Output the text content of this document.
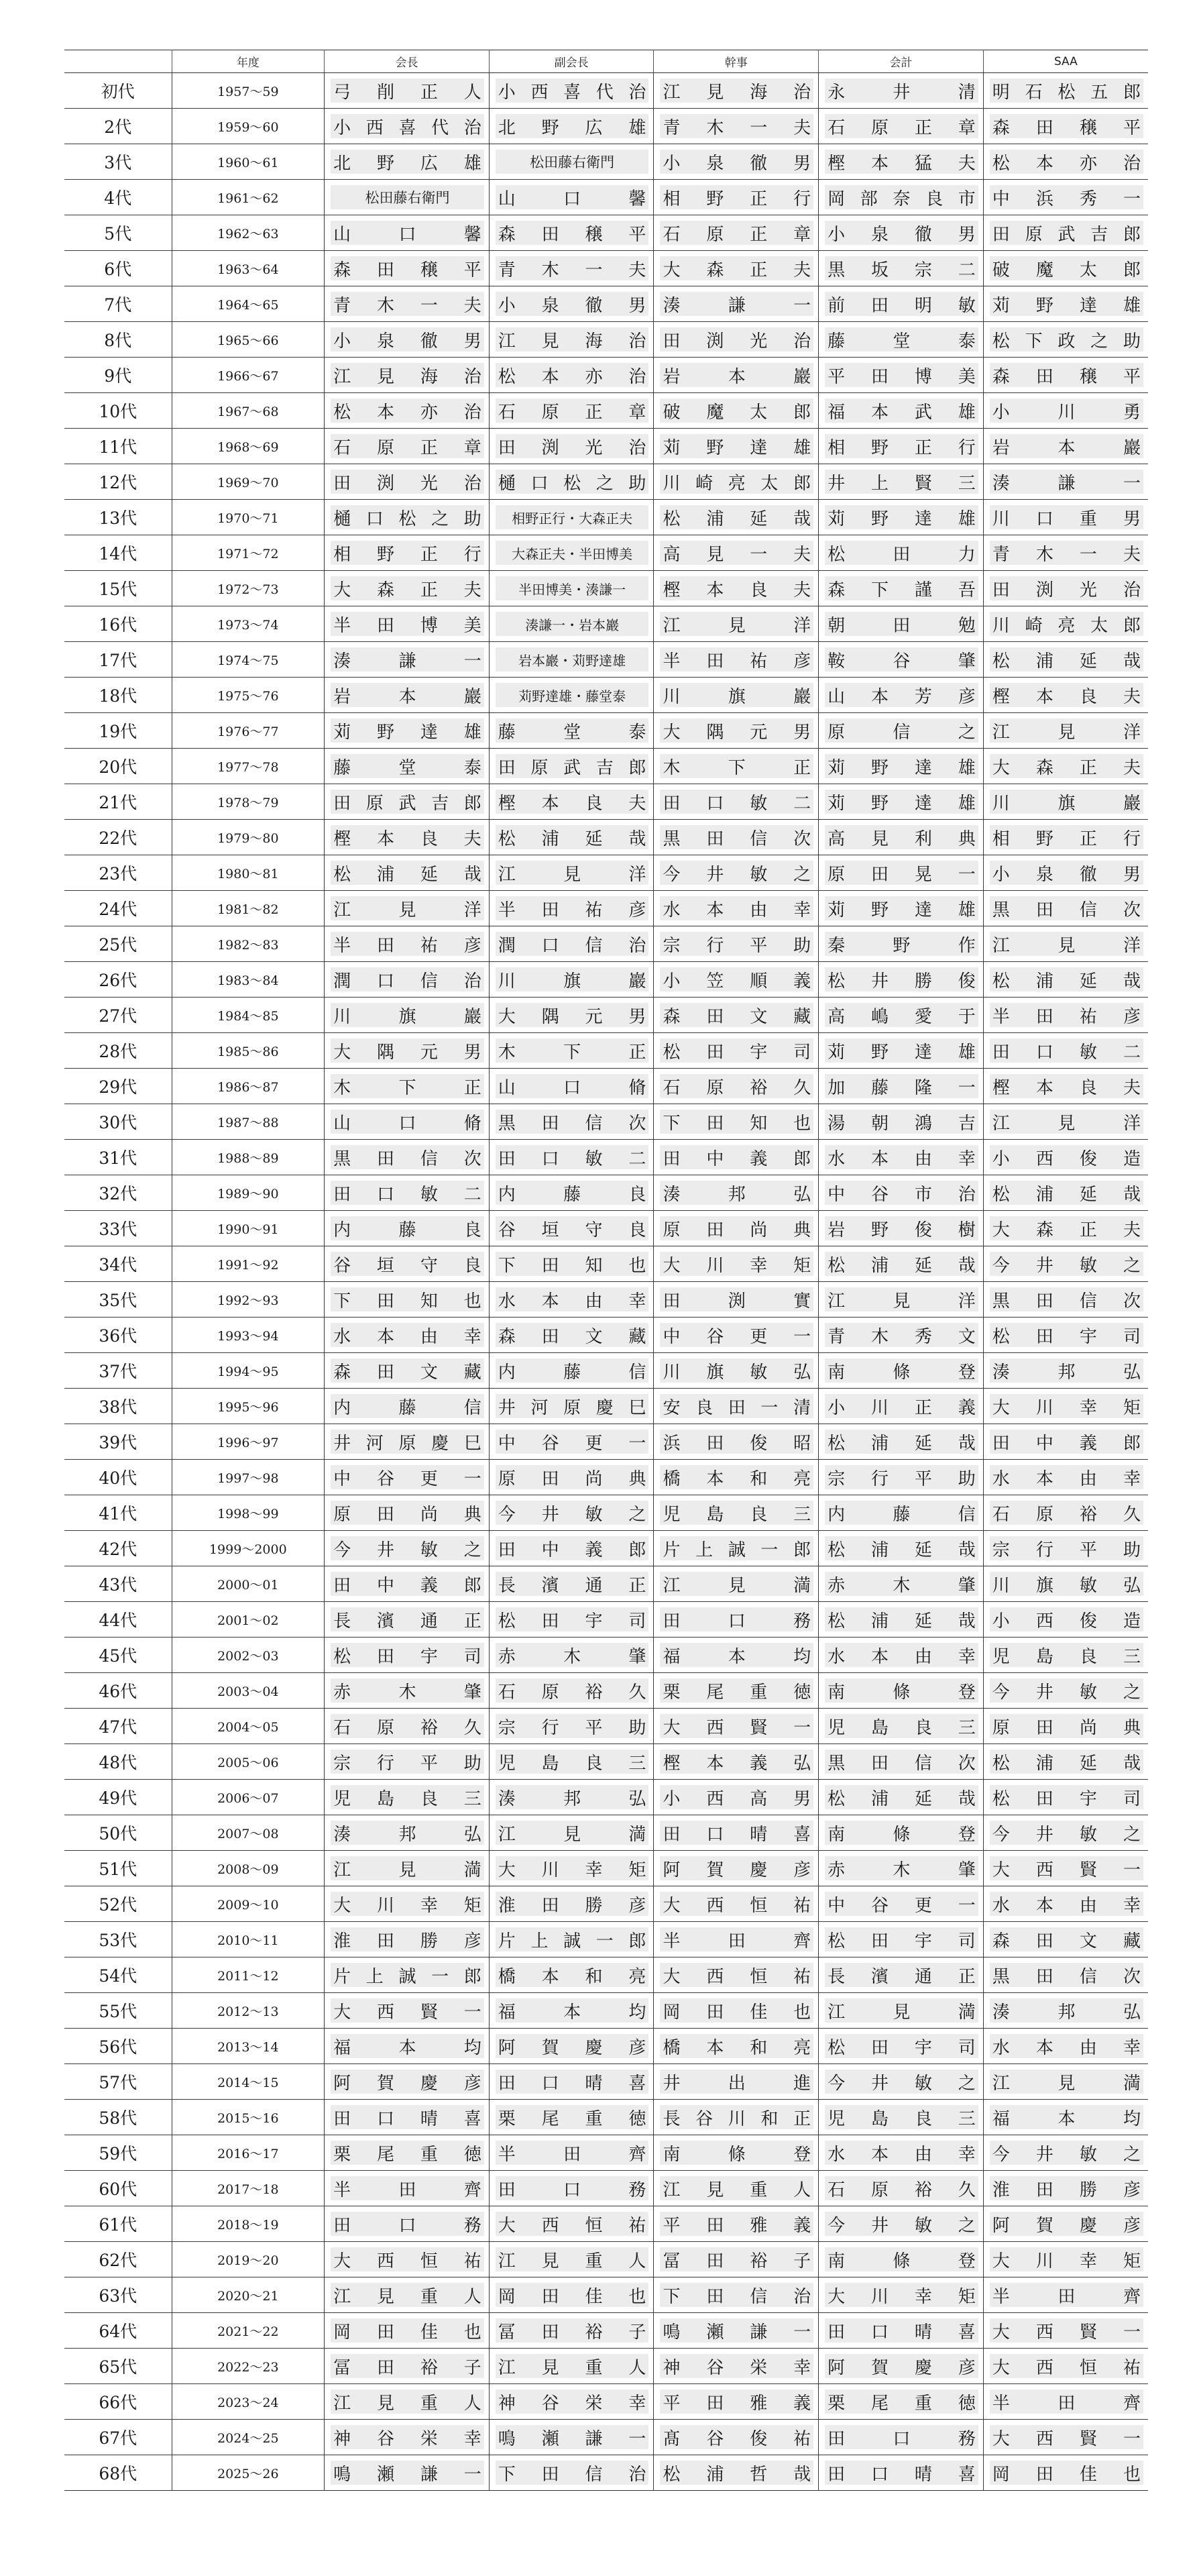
	年度	会長	副会長	幹事	会計	SAA
初代	1957～59	弓 削 正 人	小 西 喜 代 治	江 見 海 治	永 井 清	明 石 松 五 郎

2代	1959～60	小 西 喜 代 治	北 野 広 雄	青 木 一 夫	石 原 正 章	森 田 穣 平

3代	1960～61	北 野 広 雄	松田藤右衛門	小 泉 徹 男	樫 本 猛 夫	松 本 亦 治

4代	1961～62	松田藤右衛門	山 口 馨	相 野 正 行	岡 部 奈 良 市	中 浜 秀 一

5代	1962～63	山 口 馨	森 田 穣 平	石 原 正 章	小 泉 徹 男	田 原 武 吉 郎

6代	1963～64	森 田 穣 平	青 木 一 夫	大 森 正 夫	黒 坂 宗 二	破 魔 太 郎

7代	1964～65	青 木 一 夫	小 泉 徹 男	湊 謙 一	前 田 明 敏	苅 野 達 雄

8代	1965～66	小 泉 徹 男	江 見 海 治	田 渕 光 治	藤 堂 泰	松 下 政 之 助

9代	1966～67	江 見 海 治	松 本 亦 治	岩 本 巖	平 田 博 美	森 田 穣 平

10代	1967～68	松 本 亦 治	石 原 正 章	破 魔 太 郎	福 本 武 雄	小 川 勇

11代	1968～69	石 原 正 章	田 渕 光 治	苅 野 達 雄	相 野 正 行	岩 本 巖

12代	1969～70	田 渕 光 治	樋 口 松 之 助	川 崎 亮 太 郎	井 上 賢 三	湊 謙 一

13代	1970～71	樋 口 松 之 助	相野正行・大森正夫	松 浦 延 哉	苅 野 達 雄	川 口 重 男

14代	1971～72	相 野 正 行	大森正夫・半田博美	高 見 一 夫	松 田 力	青 木 一 夫

15代	1972～73	大 森 正 夫	半田博美・湊謙一	樫 本 良 夫	森 下 謹 吾	田 渕 光 治

16代	1973～74	半 田 博 美	湊謙一・岩本巖	江 見 洋	朝 田 勉	川 崎 亮 太 郎

17代	1974～75	湊 謙 一	岩本巖・苅野達雄	半 田 祐 彦	鞍 谷 肇	松 浦 延 哉

18代	1975～76	岩 本 巖	苅野達雄・藤堂泰	川 旗 巖	山 本 芳 彦	樫 本 良 夫

19代	1976～77	苅 野 達 雄	藤 堂 泰	大 隅 元 男	原 信 之	江 見 洋

20代	1977～78	藤 堂 泰	田 原 武 吉 郎	木 下 正	苅 野 達 雄	大 森 正 夫

21代	1978～79	田 原 武 吉 郎	樫 本 良 夫	田 口 敏 二	苅 野 達 雄	川 旗 巖

22代	1979～80	樫 本 良 夫	松 浦 延 哉	黒 田 信 次	高 見 利 典	相 野 正 行

23代	1980～81	松 浦 延 哉	江 見 洋	今 井 敏 之	原 田 晃 一	小 泉 徹 男

24代	1981～82	江 見 洋	半 田 祐 彦	水 本 由 幸	苅 野 達 雄	黒 田 信 次

25代	1982～83	半 田 祐 彦	潤 口 信 治	宗 行 平 助	秦 野 作	江 見 洋

26代	1983～84	潤 口 信 治	川 旗 巖	小 笠 順 義	松 井 勝 俊	松 浦 延 哉

27代	1984～85	川 旗 巖	大 隅 元 男	森 田 文 藏	高 嶋 愛 于	半 田 祐 彦

28代	1985～86	大 隅 元 男	木 下 正	松 田 宇 司	苅 野 達 雄	田 口 敏 二

29代	1986～87	木 下 正	山 口 脩	石 原 裕 久	加 藤 隆 一	樫 本 良 夫

30代	1987～88	山 口 脩	黒 田 信 次	下 田 知 也	湯 朝 鴻 吉	江 見 洋

31代	1988～89	黒 田 信 次	田 口 敏 二	田 中 義 郎	水 本 由 幸	小 西 俊 造

32代	1989～90	田 口 敏 二	内 藤 良	湊 邦 弘	中 谷 市 治	松 浦 延 哉

33代	1990～91	内 藤 良	谷 垣 守 良	原 田 尚 典	岩 野 俊 樹	大 森 正 夫

34代	1991～92	谷 垣 守 良	下 田 知 也	大 川 幸 矩	松 浦 延 哉	今 井 敏 之

35代	1992～93	下 田 知 也	水 本 由 幸	田 渕 實	江 見 洋	黒 田 信 次

36代	1993～94	水 本 由 幸	森 田 文 藏	中 谷 更 一	青 木 秀 文	松 田 宇 司

37代	1994～95	森 田 文 藏	内 藤 信	川 旗 敏 弘	南 條 登	湊 邦 弘

38代	1995～96	内 藤 信	井 河 原 慶 巳	安 良 田 一 清	小 川 正 義	大 川 幸 矩

39代	1996～97	井 河 原 慶 巳	中 谷 更 一	浜 田 俊 昭	松 浦 延 哉	田 中 義 郎

40代	1997～98	中 谷 更 一	原 田 尚 典	橋 本 和 亮	宗 行 平 助	水 本 由 幸

41代	1998～99	原 田 尚 典	今 井 敏 之	児 島 良 三	内 藤 信	石 原 裕 久

42代	1999～2000	今 井 敏 之	田 中 義 郎	片 上 誠 一 郎	松 浦 延 哉	宗 行 平 助

43代	2000～01	田 中 義 郎	長 濱 通 正	江 見 満	赤 木 肇	川 旗 敏 弘

44代	2001～02	長 濱 通 正	松 田 宇 司	田 口 務	松 浦 延 哉	小 西 俊 造

45代	2002～03	松 田 宇 司	赤 木 肇	福 本 均	水 本 由 幸	児 島 良 三

46代	2003～04	赤 木 肇	石 原 裕 久	栗 尾 重 徳	南 條 登	今 井 敏 之

47代	2004～05	石 原 裕 久	宗 行 平 助	大 西 賢 一	児 島 良 三	原 田 尚 典

48代	2005～06	宗 行 平 助	児 島 良 三	樫 本 義 弘	黒 田 信 次	松 浦 延 哉

49代	2006～07	児 島 良 三	湊 邦 弘	小 西 高 男	松 浦 延 哉	松 田 宇 司

50代	2007～08	湊 邦 弘	江 見 満	田 口 晴 喜	南 條 登	今 井 敏 之

51代	2008～09	江 見 満	大 川 幸 矩	阿 賀 慶 彦	赤 木 肇	大 西 賢 一

52代	2009～10	大 川 幸 矩	淮 田 勝 彦	大 西 恒 祐	中 谷 更 一	水 本 由 幸

53代	2010～11	淮 田 勝 彦	片 上 誠 一 郎	半 田 齊	松 田 宇 司	森 田 文 藏

54代	2011～12	片 上 誠 一 郎	橋 本 和 亮	大 西 恒 祐	長 濱 通 正	黒 田 信 次

55代	2012～13	大 西 賢 一	福 本 均	岡 田 佳 也	江 見 満	湊 邦 弘

56代	2013～14	福 本 均	阿 賀 慶 彦	橋 本 和 亮	松 田 宇 司	水 本 由 幸

57代	2014～15	阿 賀 慶 彦	田 口 晴 喜	井 出 進	今 井 敏 之	江 見 満

58代	2015～16	田 口 晴 喜	栗 尾 重 徳	長 谷 川 和 正	児 島 良 三	福 本 均

59代	2016～17	栗 尾 重 徳	半 田 齊	南 條 登	水 本 由 幸	今 井 敏 之

60代	2017～18	半 田 齊	田 口 務	江 見 重 人	石 原 裕 久	淮 田 勝 彦

61代	2018～19	田 口 務	大 西 恒 祐	平 田 雅 義	今 井 敏 之	阿 賀 慶 彦

62代	2019～20	大 西 恒 祐	江 見 重 人	冨 田 裕 子	南 條 登	大 川 幸 矩

63代	2020～21	江 見 重 人	岡 田 佳 也	下 田 信 治	大 川 幸 矩	半 田 齊

64代	2021～22	岡 田 佳 也	冨 田 裕 子	鳴 瀬 謙 一	田 口 晴 喜	大 西 賢 一

65代	2022～23	冨 田 裕 子	江 見 重 人	神 谷 栄 幸	阿 賀 慶 彦	大 西 恒 祐

66代	2023～24	江 見 重 人	神 谷 栄 幸	平 田 雅 義	栗 尾 重 徳	半 田 齊

67代	2024～25	神 谷 栄 幸	鳴 瀬 謙 一	髙 谷 俊 祐	田 口 務	大 西 賢 一

68代	2025～26	鳴 瀬 謙 一	下 田 信 治	松 浦 哲 哉	田 口 晴 喜	岡 田 佳 也
